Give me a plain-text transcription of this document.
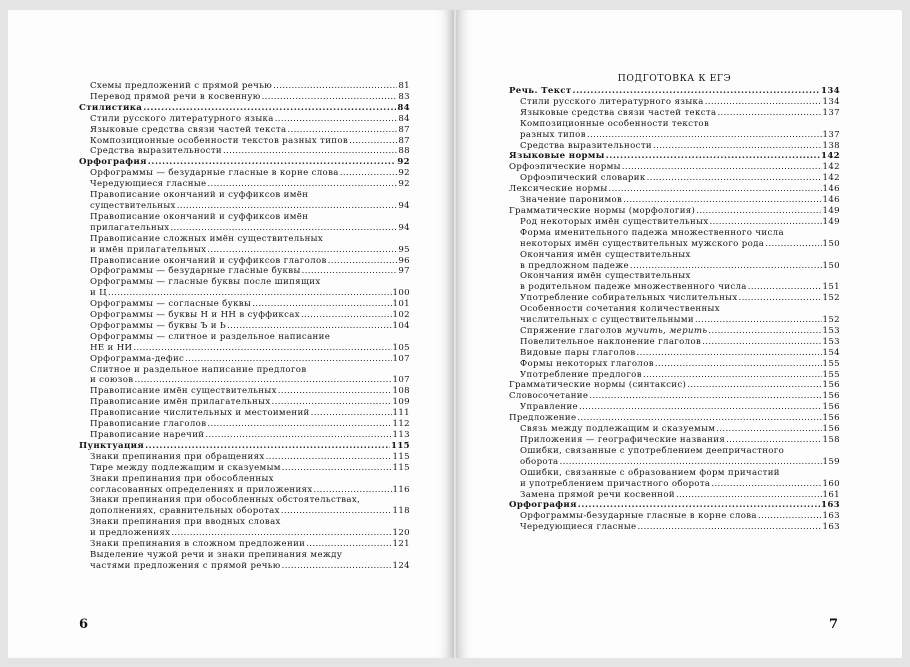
Схемы предложений с прямой речью . . .	81
Перевод прямой речи в косвенную . . .	83
Стилистика . . .	84
Стили русского литературного языка . . .	84
Языковые средства связи частей текста . . .	87
Композиционные особенности текстов разных типов . . .	87
Средства выразительности . . .	88
Орфография . . .	92
Орфограммы — безударные гласные в корне слова . . .	92
Чередующиеся гласные . . .	92
Правописание окончаний и суффиксов имён
существительных . . .	94
Правописание окончаний и суффиксов имён
прилагательных . . .	94
Правописание сложных имён существительных
и имён прилагательных . . .	95
Правописание окончаний и суффиксов глаголов . . .	96
Орфограммы — безударные гласные буквы . . .	97
Орфограммы — гласные буквы после шипящих
и Ц . . .	100
Орфограммы — согласные буквы . . .	101
Орфограммы — буквы Н и НН в суффиксах . . .	102
Орфограммы — буквы Ъ и Ь . . .	104
Орфограммы — слитное и раздельное написание
НЕ и НИ . . .	105
Орфограмма-дефис . . .	107
Слитное и раздельное написание предлогов
и союзов . . .	107
Правописание имён существительных . . .	108
Правописание имён прилагательных . . .	109
Правописание числительных и местоимений . . .	111
Правописание глаголов . . .	112
Правописание наречий . . .	113
Пунктуация . . .	115
Знаки препинания при обращениях . . .	115
Тире между подлежащим и сказуемым . . .	115
Знаки препинания при обособленных
согласованных определениях и приложениях . . .	116
Знаки препинания при обособленных обстоятельствах,
дополнениях, сравнительных оборотах . . .	118
Знаки препинания при вводных словах
и предложениях . . .	120
Знаки препинания в сложном предложении . . .	121
Выделение чужой речи и знаки препинания между
частями предложения с прямой речью . . .	124
6
ПОДГОТОВКА К ЕГЭ
Речь. Текст . . .	134
Стили русского литературного языка . . .	134
Языковые средства связи частей текста . . .	137
Композиционные особенности текстов
разных типов . . .	137
Средства выразительности . . .	138
Языковые нормы . . .	142
Орфоэпические нормы . . .	142
Орфоэпический словарик . . .	142
Лексические нормы . . .	146
Значение паронимов . . .	146
Грамматические нормы (морфология) . . .	149
Род некоторых имён существительных . . .	149
Форма именительного падежа множественного числа
некоторых имён существительных мужского рода . . .	150
Окончания имён существительных
в предложном падеже . . .	150
Окончания имён существительных
в родительном падеже множественного числа . . .	151
Употребление собирательных числительных . . .	152
Особенности сочетания количественных
числительных с существительными . . .	152
Спряжение глаголов мучить, мерить . . .	153
Повелительное наклонение глаголов . . .	153
Видовые пары глаголов . . .	154
Формы некоторых глаголов . . .	155
Употребление предлогов . . .	155
Грамматические нормы (синтаксис) . . .	156
Словосочетание . . .	156
Управление . . .	156
Предложение . . .	156
Связь между подлежащим и сказуемым . . .	156
Приложения — географические названия . . .	158
Ошибки, связанные с употреблением деепричастного
оборота . . .	159
Ошибки, связанные с образованием форм причастий
и употреблением причастного оборота . . .	160
Замена прямой речи косвенной . . .	161
Орфография . . .	163
Орфограммы-безударные гласные в корне слова . . .	163
Чередующиеся гласные . . .	163
7
